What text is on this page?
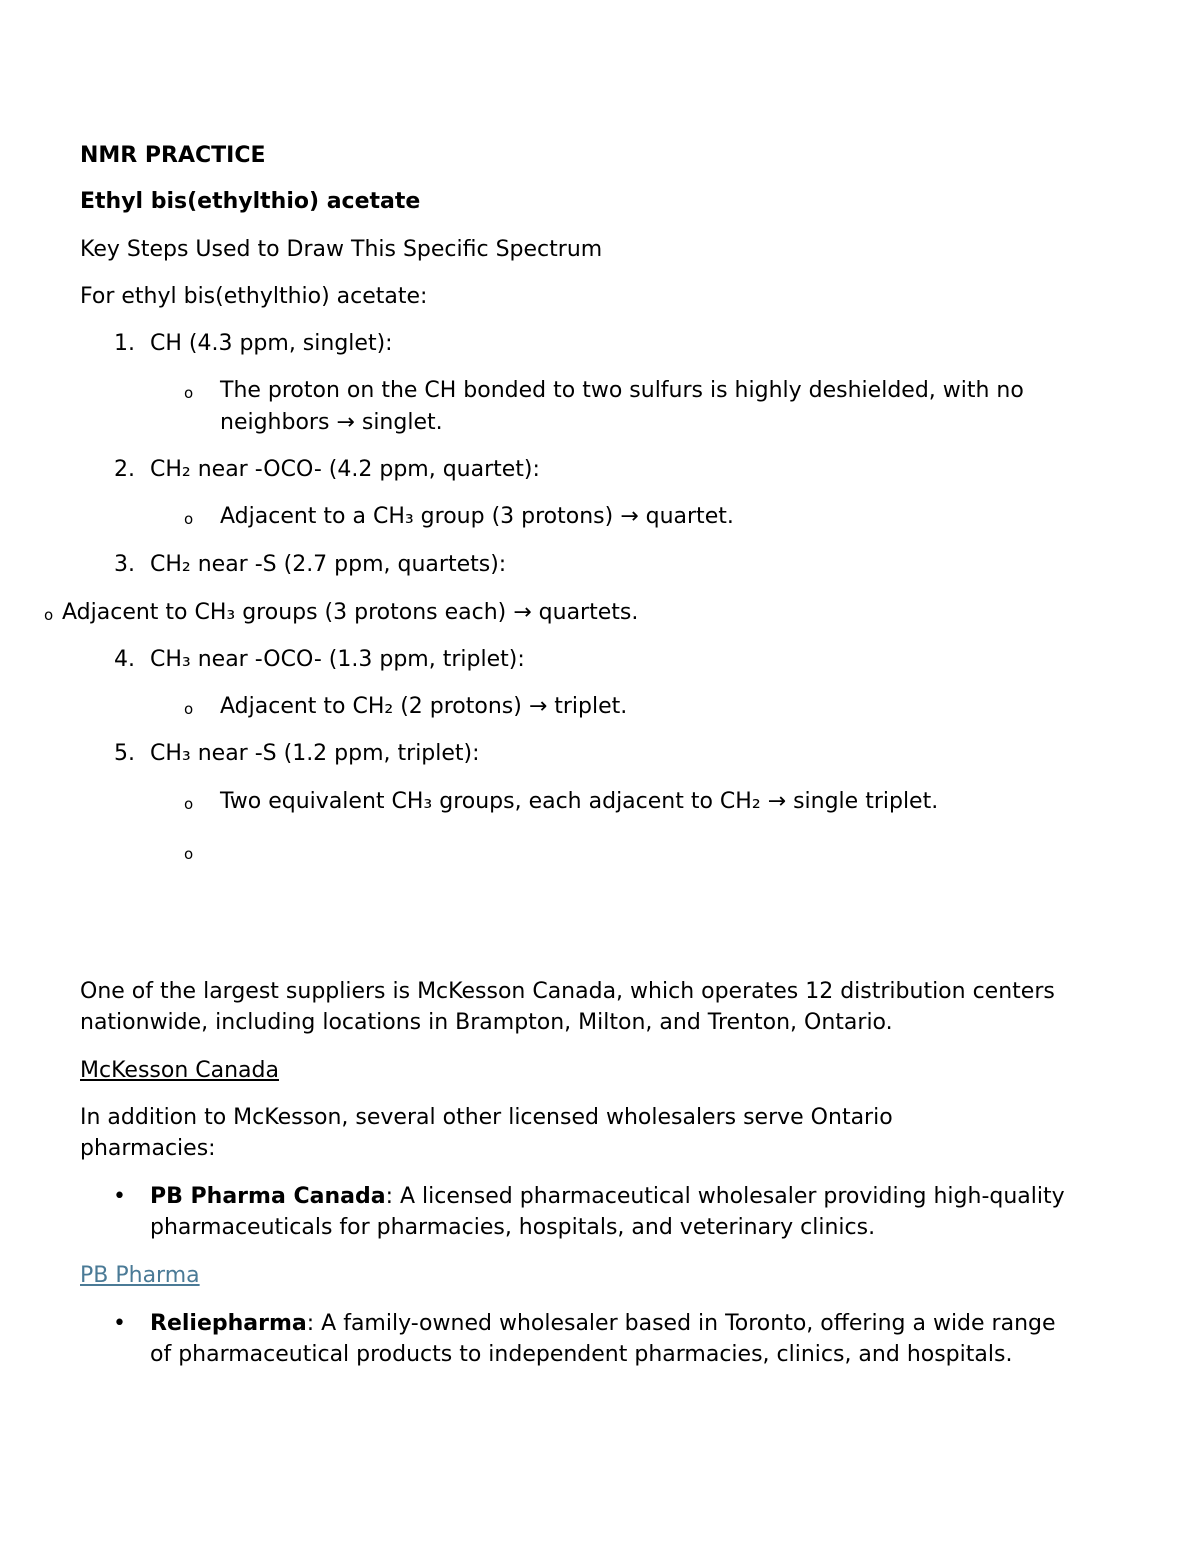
NMR PRACTICE
Ethyl bis(ethylthio) acetate
Key Steps Used to Draw This Specific Spectrum
For ethyl bis(ethylthio) acetate:
1. CH (4.3 ppm, singlet):
o The proton on the CH bonded to two sulfurs is highly deshielded, with no
neighbors → singlet.
2. CH₂ near -OCO- (4.2 ppm, quartet):
o Adjacent to a CH₃ group (3 protons) → quartet.
3. CH₂ near -S (2.7 ppm, quartets):
o Adjacent to CH₃ groups (3 protons each) → quartets.
4. CH₃ near -OCO- (1.3 ppm, triplet):
o Adjacent to CH₂ (2 protons) → triplet.
5. CH₃ near -S (1.2 ppm, triplet):
o Two equivalent CH₃ groups, each adjacent to CH₂ → single triplet.
o
One of the largest suppliers is McKesson Canada, which operates 12 distribution centers nationwide, including locations in Brampton, Milton, and Trenton, Ontario.
McKesson Canada
In addition to McKesson, several other licensed wholesalers serve Ontario pharmacies:
• PB Pharma Canada: A licensed pharmaceutical wholesaler providing high-quality pharmaceuticals for pharmacies, hospitals, and veterinary clinics.
PB Pharma
• Reliepharma: A family-owned wholesaler based in Toronto, offering a wide range of pharmaceutical products to independent pharmacies, clinics, and hospitals.
